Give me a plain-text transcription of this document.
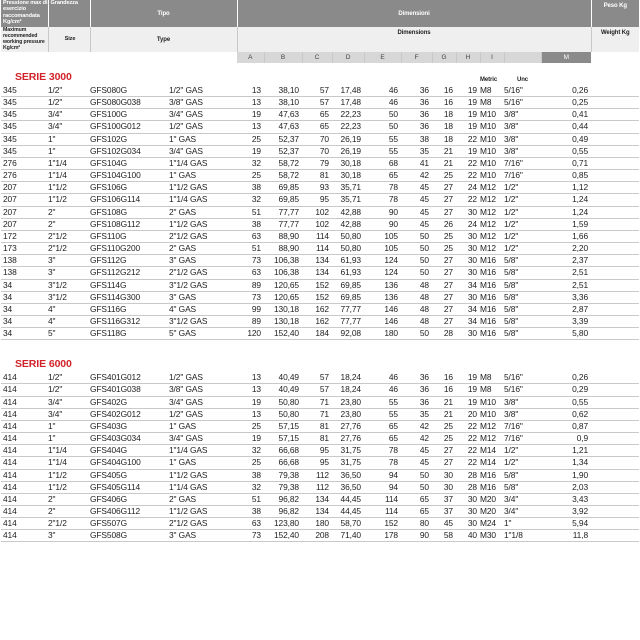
Pressione max di esercizio raccomandata Kg/cm²	Grandezza	Tipo		Dimensioni											Peso Kg
Maximum recommended working pressure Kg/cm²	Size	Type		Dimensions											Weight Kg
				A	B	C	D	E	F	G	H	I		M	
SERIE 3000												Metric	Unc		
345	1/2"	GFS080G	1/2" GAS	13	38,10	57	17,48	46	36	16	19	M8	5/16"	0,26	
345	1/2"	GFS080G038	3/8" GAS	13	38,10	57	17,48	46	36	16	19	M8	5/16"	0,25	
345	3/4"	GFS100G	3/4" GAS	19	47,63	65	22,23	50	36	18	19	M10	3/8"	0,41	
345	3/4"	GFS100G012	1/2" GAS	13	47,63	65	22,23	50	36	18	19	M10	3/8"	0,44	
345	1"	GFS102G	1" GAS	25	52,37	70	26,19	55	38	18	22	M10	3/8"	0,49	
345	1"	GFS102G034	3/4" GAS	19	52,37	70	26,19	55	35	21	19	M10	3/8"	0,55	
276	1"1/4	GFS104G	1"1/4 GAS	32	58,72	79	30,18	68	41	21	22	M10	7/16"	0,71	
276	1"1/4	GFS104G100	1" GAS	25	58,72	81	30,18	65	42	25	22	M10	7/16"	0,85	
207	1"1/2	GFS106G	1"1/2 GAS	38	69,85	93	35,71	78	45	27	24	M12	1/2"	1,12	
207	1"1/2	GFS106G114	1"1/4 GAS	32	69,85	95	35,71	78	45	27	22	M12	1/2"	1,24	
207	2"	GFS108G	2" GAS	51	77,77	102	42,88	90	45	27	30	M12	1/2"	1,24	
207	2"	GFS108G112	1"1/2 GAS	38	77,77	102	42,88	90	45	26	24	M12	1/2"	1,59	
172	2"1/2	GFS110G	2"1/2 GAS	63	88,90	114	50,80	105	50	25	30	M12	1/2"	1,66	
173	2"1/2	GFS110G200	2" GAS	51	88,90	114	50,80	105	50	25	30	M12	1/2"	2,20	
138	3"	GFS112G	3" GAS	73	106,38	134	61,93	124	50	27	30	M16	5/8"	2,37	
138	3"	GFS112G212	2"1/2 GAS	63	106,38	134	61,93	124	50	27	30	M16	5/8"	2,51	
34	3"1/2	GFS114G	3"1/2 GAS	89	120,65	152	69,85	136	48	27	34	M16	5/8"	2,51	
34	3"1/2	GFS114G300	3" GAS	73	120,65	152	69,85	136	48	27	30	M16	5/8"	3,36	
34	4"	GFS116G	4" GAS	99	130,18	162	77,77	146	48	27	34	M16	5/8"	2,87	
34	4"	GFS116G312	3"1/2 GAS	89	130,18	162	77,77	146	48	27	34	M16	5/8"	3,39	
34	5"	GFS118G	5" GAS	120	152,40	184	92,08	180	50	28	30	M16	5/8"	5,80	

SERIE 6000															
414	1/2"	GFS401G012	1/2" GAS	13	40,49	57	18,24	46	36	16	19	M8	5/16"	0,26	
414	1/2"	GFS401G038	3/8" GAS	13	40,49	57	18,24	46	36	16	19	M8	5/16"	0,29	
414	3/4"	GFS402G	3/4" GAS	19	50,80	71	23,80	55	36	21	19	M10	3/8"	0,55	
414	3/4"	GFS402G012	1/2" GAS	13	50,80	71	23,80	55	35	21	20	M10	3/8"	0,62	
414	1"	GFS403G	1" GAS	25	57,15	81	27,76	65	42	25	22	M12	7/16"	0,87	
414	1"	GFS403G034	3/4" GAS	19	57,15	81	27,76	65	42	25	22	M12	7/16"	0,9	
414	1"1/4	GFS404G	1"1/4 GAS	32	66,68	95	31,75	78	45	27	22	M14	1/2"	1,21	
414	1"1/4	GFS404G100	1" GAS	25	66,68	95	31,75	78	45	27	22	M14	1/2"	1,34	
414	1"1/2	GFS405G	1"1/2 GAS	38	79,38	112	36,50	94	50	30	28	M16	5/8"	1,90	
414	1"1/2	GFS405G114	1"1/4 GAS	32	79,38	112	36,50	94	50	30	28	M16	5/8"	2,03	
414	2"	GFS406G	2" GAS	51	96,82	134	44,45	114	65	37	30	M20	3/4"	3,43	
414	2"	GFS406G112	1"1/2 GAS	38	96,82	134	44,45	114	65	37	30	M20	3/4"	3,92	
414	2"1/2	GFS507G	2"1/2 GAS	63	123,80	180	58,70	152	80	45	30	M24	1"	5,94	
414	3"	GFS508G	3" GAS	73	152,40	208	71,40	178	90	58	40	M30	1"1/8	11,8	
